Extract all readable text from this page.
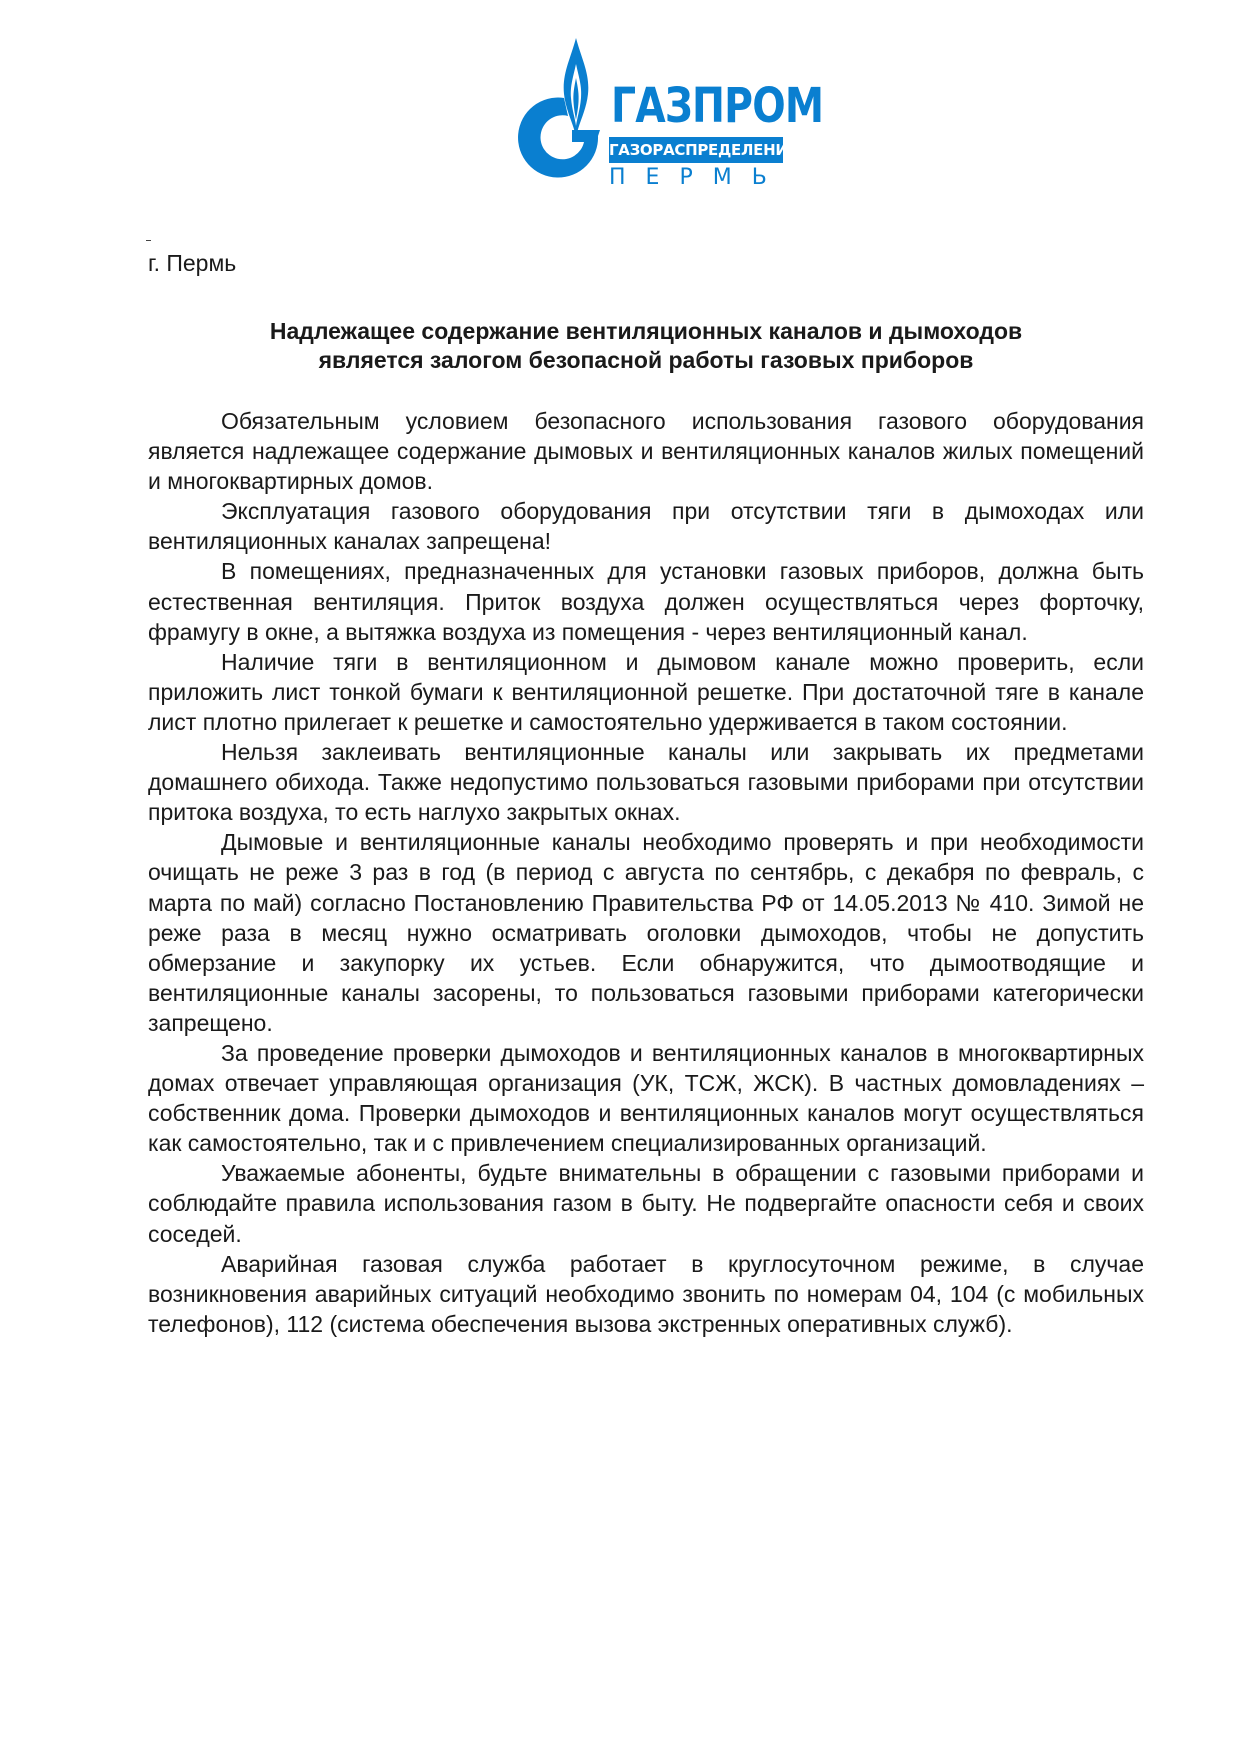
ГАЗПРОМ
ГАЗОРАСПРЕДЕЛЕНИЕ
ПЕРМЬ
г. Пермь
Надлежащее содержание вентиляционных каналов и дымоходов
является залогом безопасной работы газовых приборов

Обязательным условием безопасного использования газового оборудования является надлежащее содержание дымовых и вентиляционных каналов жилых помещений и многоквартирных домов.

Эксплуатация газового оборудования при отсутствии тяги в дымоходах или вентиляционных каналах запрещена!

В помещениях, предназначенных для установки газовых приборов, должна быть естественная вентиляция. Приток воздуха должен осуществляться через форточку, фрамугу в окне, а вытяжка воздуха из помещения - через вентиляционный канал.

Наличие тяги в вентиляционном и дымовом канале можно проверить, если приложить лист тонкой бумаги к вентиляционной решетке. При достаточной тяге в канале лист плотно прилегает к решетке и самостоятельно удерживается в таком состоянии.

Нельзя заклеивать вентиляционные каналы или закрывать их предметами домашнего обихода. Также недопустимо пользоваться газовыми приборами при отсутствии притока воздуха, то есть наглухо закрытых окнах.

Дымовые и вентиляционные каналы необходимо проверять и при необходимости очищать не реже 3 раз в год (в период с августа по сентябрь, с декабря по февраль, с марта по май) согласно Постановлению Правительства РФ от 14.05.2013 № 410. Зимой не реже раза в месяц нужно осматривать оголовки дымоходов, чтобы не допустить обмерзание и закупорку их устьев. Если обнаружится, что дымоотводящие и вентиляционные каналы засорены, то пользоваться газовыми приборами категорически запрещено.

За проведение проверки дымоходов и вентиляционных каналов в многоквартирных домах отвечает управляющая организация (УК, ТСЖ, ЖСК). В частных домовладениях – собственник дома. Проверки дымоходов и вентиляционных каналов могут осуществляться как самостоятельно, так и с привлечением специализированных организаций.

Уважаемые абоненты, будьте внимательны в обращении с газовыми приборами и соблюдайте правила использования газом в быту. Не подвергайте опасности себя и своих соседей.

Аварийная газовая служба работает в круглосуточном режиме, в случае возникновения аварийных ситуаций необходимо звонить по номерам 04, 104 (с мобильных телефонов), 112 (система обеспечения вызова экстренных оперативных служб).
